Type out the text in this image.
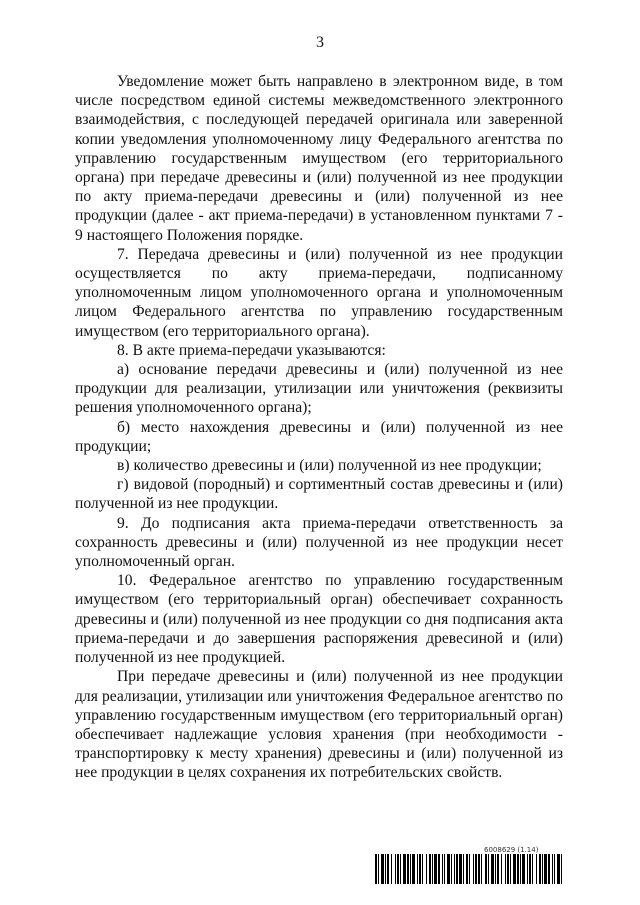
3

Уведомление может быть направлено в электронном виде, в том числе посредством единой системы межведомственного электронного взаимодействия, с последующей передачей оригинала или заверенной копии уведомления уполномоченному лицу Федерального агентства по управлению государственным имуществом (его территориального органа) при передаче древесины и (или) полученной из нее продукции по акту приема-передачи древесины и (или) полученной из нее продукции (далее - акт приема-передачи) в установленном пунктами 7 - 9 настоящего Положения порядке.

7. Передача древесины и (или) полученной из нее продукции осуществляется по акту приема-передачи, подписанному уполномоченным лицом уполномоченного органа и уполномоченным лицом Федерального агентства по управлению государственным имуществом (его территориального органа).

8. В акте приема-передачи указываются:

а) основание передачи древесины и (или) полученной из нее продукции для реализации, утилизации или уничтожения (реквизиты решения уполномоченного органа);

б) место нахождения древесины и (или) полученной из нее продукции;

в) количество древесины и (или) полученной из нее продукции;

г) видовой (породный) и сортиментный состав древесины и (или) полученной из нее продукции.

9. До подписания акта приема-передачи ответственность за сохранность древесины и (или) полученной из нее продукции несет уполномоченный орган.

10. Федеральное агентство по управлению государственным имуществом (его территориальный орган) обеспечивает сохранность древесины и (или) полученной из нее продукции со дня подписания акта приема-передачи и до завершения распоряжения древесиной и (или) полученной из нее продукцией.

При передаче древесины и (или) полученной из нее продукции для реализации, утилизации или уничтожения Федеральное агентство по управлению государственным имуществом (его территориальный орган) обеспечивает надлежащие условия хранения (при необходимости - транспортировку к месту хранения) древесины и (или) полученной из нее продукции в целях сохранения их потребительских свойств.

6008629 (1.14)
